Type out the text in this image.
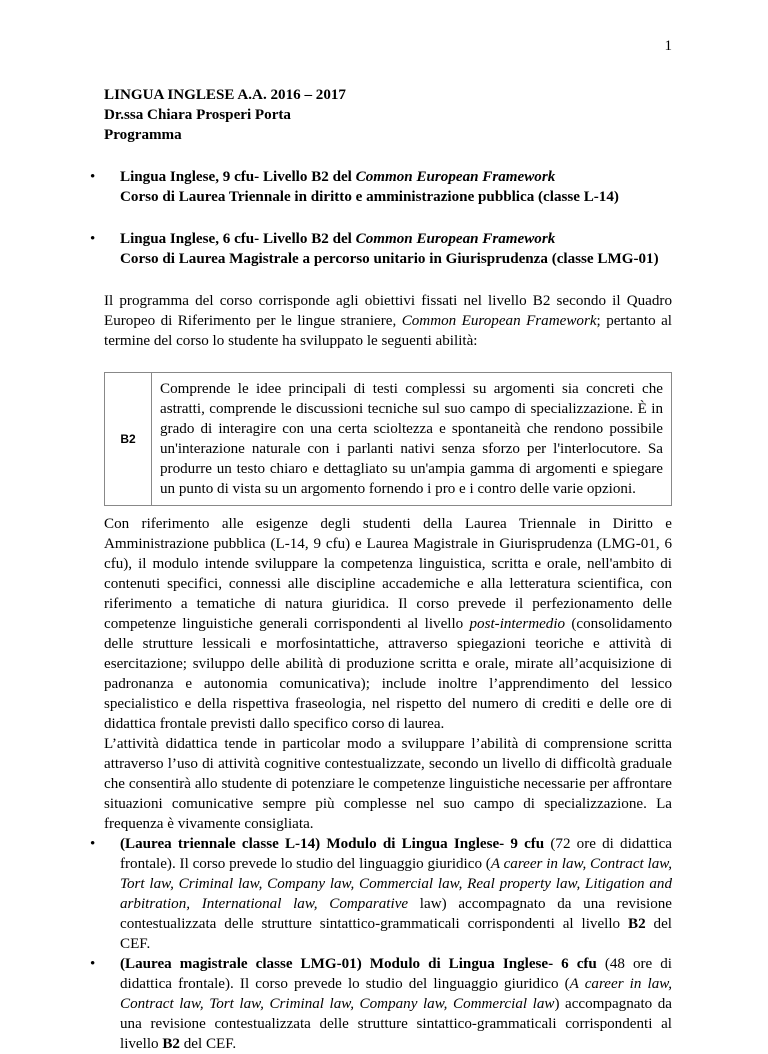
1
LINGUA INGLESE A.A. 2016 – 2017
Dr.ssa Chiara Prosperi Porta
Programma
• Lingua Inglese, 9 cfu- Livello B2 del Common European Framework
Corso di Laurea Triennale in diritto e amministrazione pubblica (classe L-14)
• Lingua Inglese, 6 cfu- Livello B2 del Common European Framework
Corso di Laurea Magistrale a percorso unitario in Giurisprudenza (classe LMG-01)
Il programma del corso corrisponde agli obiettivi fissati nel livello B2 secondo il Quadro Europeo di Riferimento per le lingue straniere, Common European Framework; pertanto al termine del corso lo studente ha sviluppato le seguenti abilità:
B2	Comprende le idee principali di testi complessi su argomenti sia concreti che astratti, comprende le discussioni tecniche sul suo campo di specializzazione. È in grado di interagire con una certa scioltezza e spontaneità che rendono possibile un'interazione naturale con i parlanti nativi senza sforzo per l'interlocutore. Sa produrre un testo chiaro e dettagliato su un'ampia gamma di argomenti e spiegare un punto di vista su un argomento fornendo i pro e i contro delle varie opzioni.
Con riferimento alle esigenze degli studenti della Laurea Triennale in Diritto e Amministrazione pubblica (L-14, 9 cfu) e Laurea Magistrale in Giurisprudenza (LMG-01, 6 cfu), il modulo intende sviluppare la competenza linguistica, scritta e orale, nell'ambito di contenuti specifici, connessi alle discipline accademiche e alla letteratura scientifica, con riferimento a tematiche di natura giuridica. Il corso prevede il perfezionamento delle competenze linguistiche generali corrispondenti al livello post-intermedio (consolidamento delle strutture lessicali e morfosintattiche, attraverso spiegazioni teoriche e attività di esercitazione; sviluppo delle abilità di produzione scritta e orale, mirate all’acquisizione di padronanza e autonomia comunicativa); include inoltre l’apprendimento del lessico specialistico e della rispettiva fraseologia, nel rispetto del numero di crediti e delle ore di didattica frontale previsti dallo specifico corso di laurea.
L’attività didattica tende in particolar modo a sviluppare l’abilità di comprensione scritta attraverso l’uso di attività cognitive contestualizzate, secondo un livello di difficoltà graduale che consentirà allo studente di potenziare le competenze linguistiche necessarie per affrontare situazioni comunicative sempre più complesse nel suo campo di specializzazione. La frequenza è vivamente consigliata.
• (Laurea triennale classe L-14) Modulo di Lingua Inglese- 9 cfu (72 ore di didattica frontale). Il corso prevede lo studio del linguaggio giuridico (A career in law, Contract law, Tort law, Criminal law, Company law, Commercial law, Real property law, Litigation and arbitration, International law, Comparative law) accompagnato da una revisione contestualizzata delle strutture sintattico-grammaticali corrispondenti al livello B2 del CEF.
• (Laurea magistrale classe LMG-01) Modulo di Lingua Inglese- 6 cfu (48 ore di didattica frontale). Il corso prevede lo studio del linguaggio giuridico (A career in law, Contract law, Tort law, Criminal law, Company law, Commercial law) accompagnato da una revisione contestualizzata delle strutture sintattico-grammaticali corrispondenti al livello B2 del CEF.
